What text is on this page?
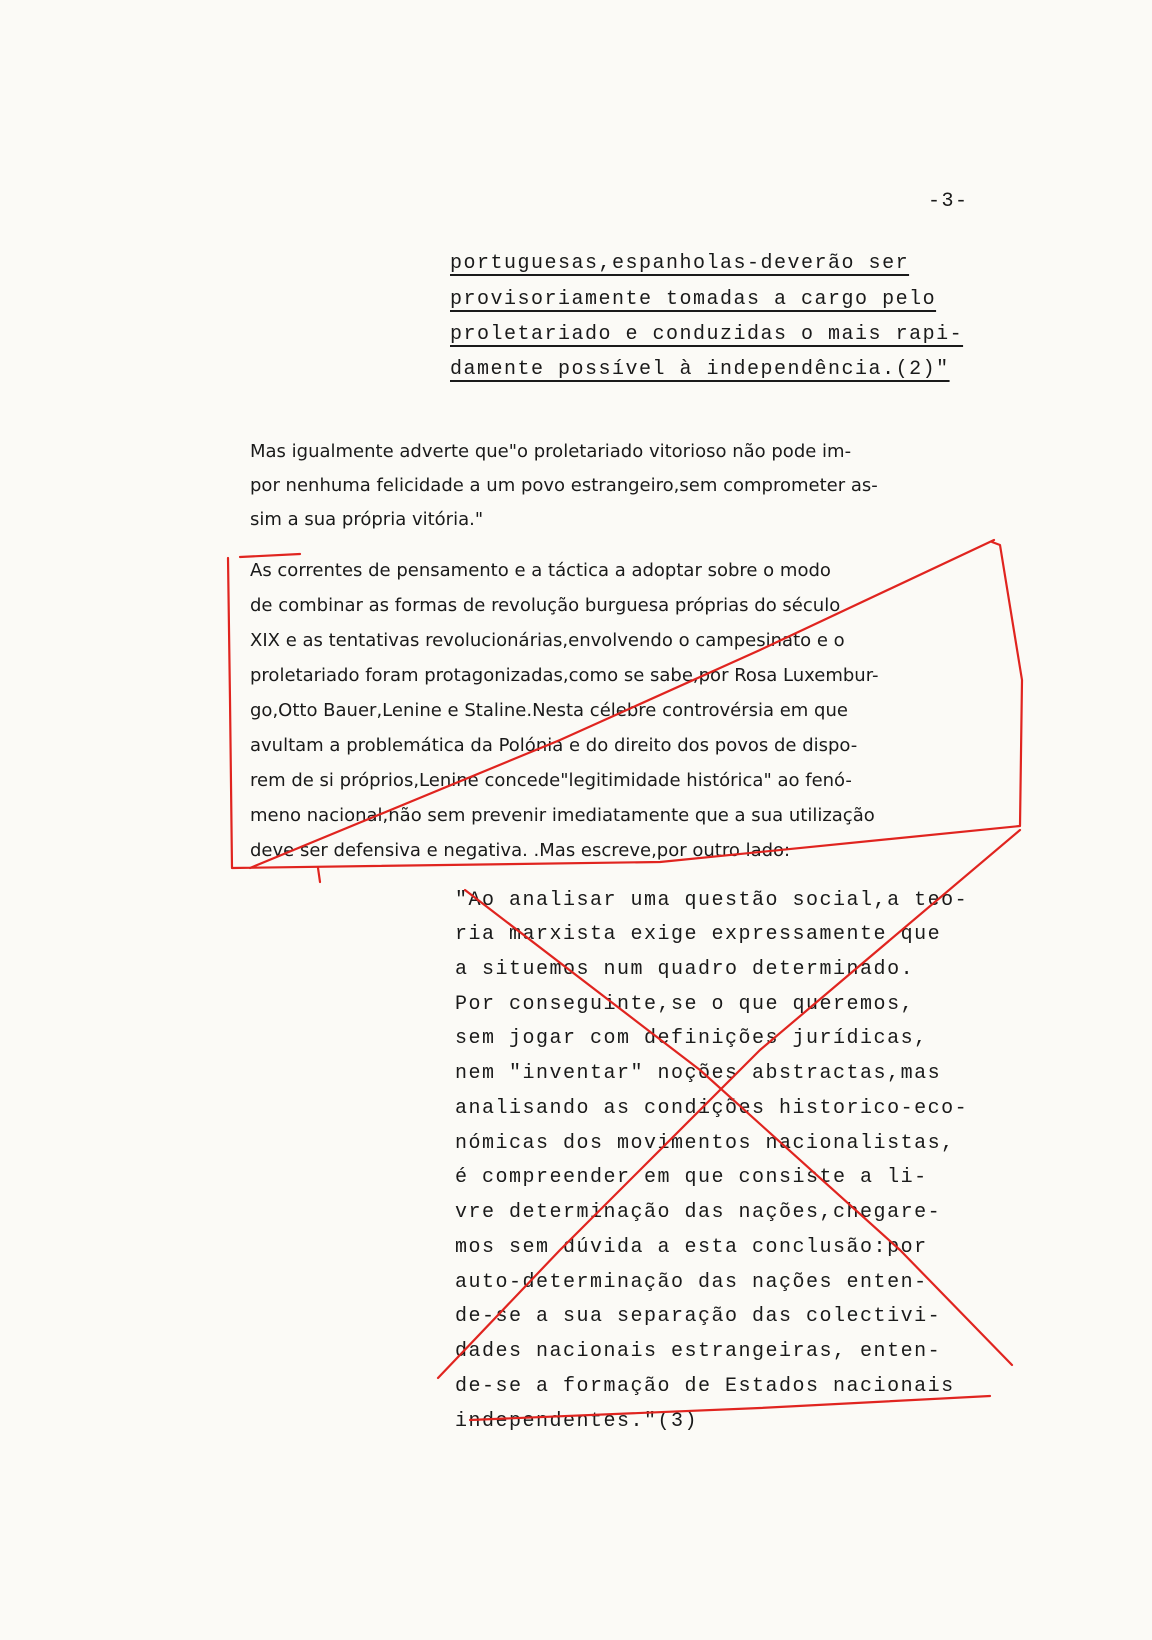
-3-
portuguesas,espanholas-deverão ser
provisoriamente tomadas a cargo pelo
proletariado e conduzidas o mais rapi-
damente possível à independência.(2)"
Mas igualmente adverte que"o proletariado vitorioso não pode im-
por nenhuma felicidade a um povo estrangeiro,sem comprometer as-
sim a sua própria vitória."
As correntes de pensamento e a táctica a adoptar sobre o modo
de combinar as formas de revolução burguesa próprias do século
XIX e as tentativas revolucionárias,envolvendo o campesinato e o
proletariado foram protagonizadas,como se sabe,por Rosa Luxembur-
go,Otto Bauer,Lenine e Staline.Nesta célebre controvérsia em que
avultam a problemática da Polónia e do direito dos povos de dispo-
rem de si próprios,Lenine concede"legitimidade histórica" ao fenó-
meno nacional,não sem prevenir imediatamente que a sua utilização
deve ser defensiva e negativa. .Mas escreve,por outro lado:
"Ao analisar uma questão social,a teo-
ria marxista exige expressamente que
a situemos num quadro determinado.
Por conseguinte,se o que queremos,
sem jogar com definições jurídicas,
nem "inventar" noções abstractas,mas
analisando as condições historico-eco-
nómicas dos movimentos nacionalistas,
é compreender em que consiste a li-
vre determinação das nações,chegare-
mos sem dúvida a esta conclusão:por
auto-determinação das nações enten-
de-se a sua separação das colectivi-
dades nacionais estrangeiras, enten-
de-se a formação de Estados nacionais
independentes."(3)
